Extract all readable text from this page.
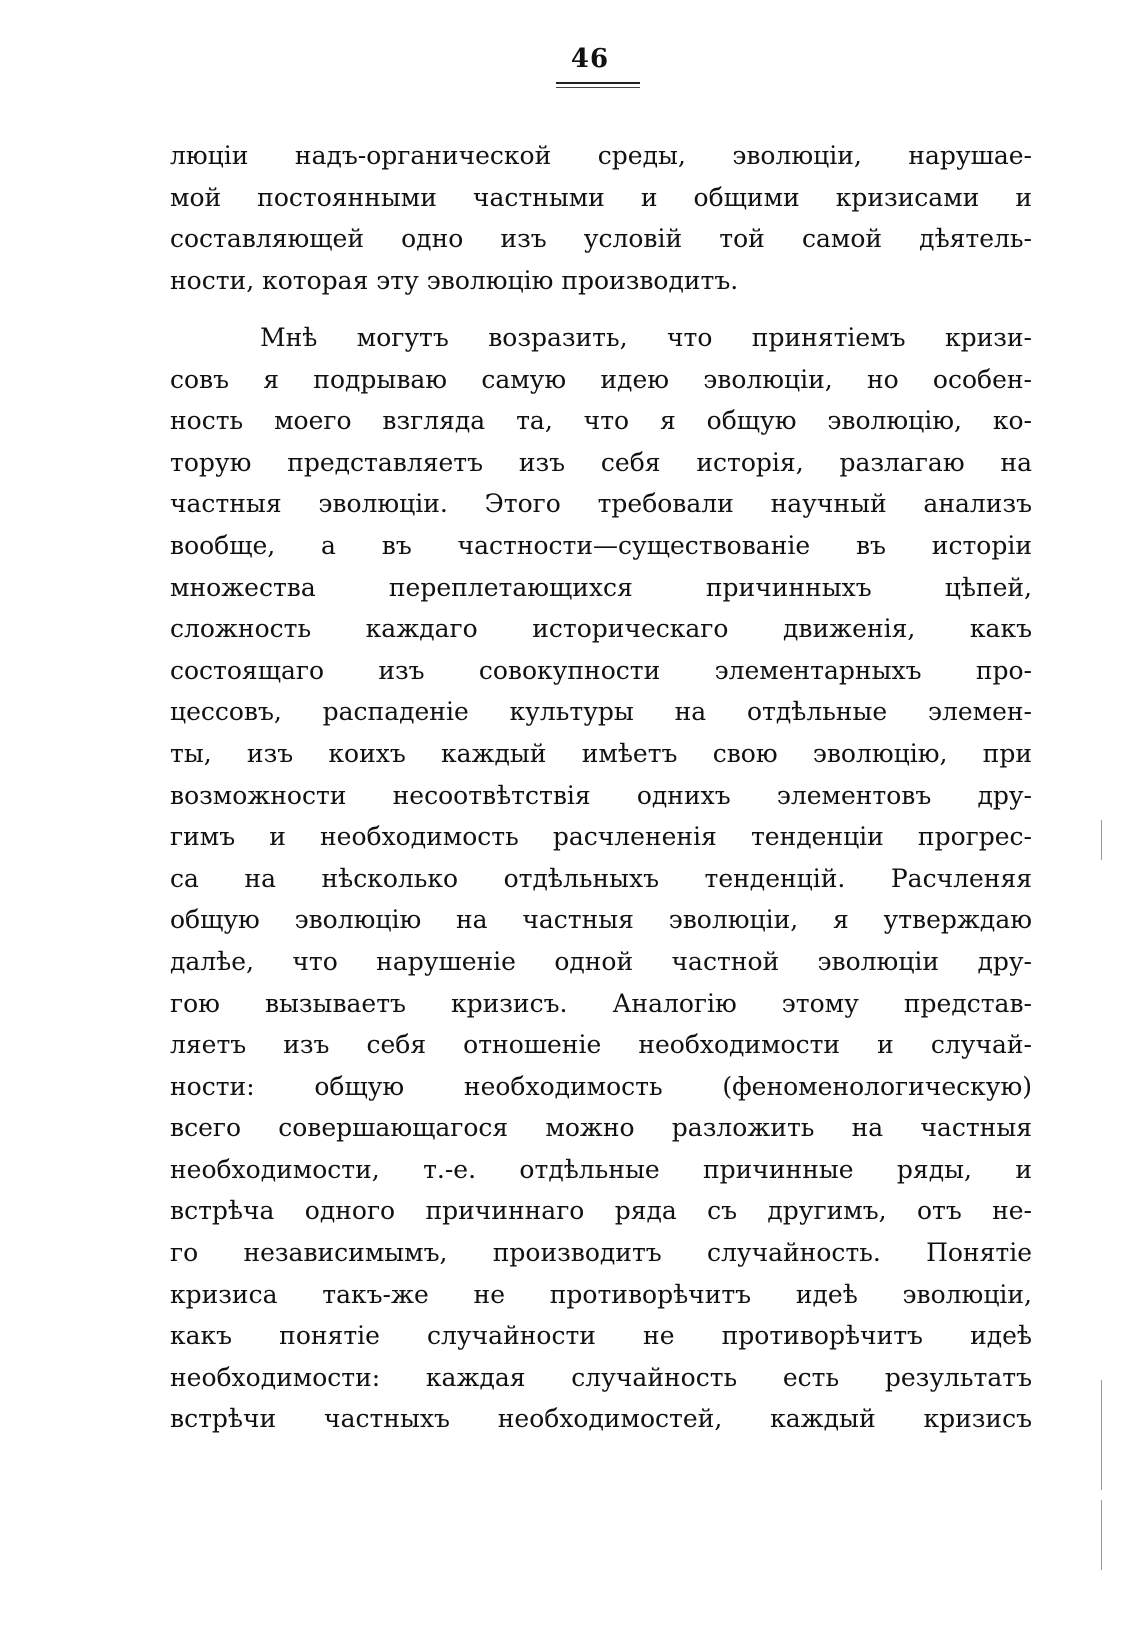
46
люціи надъ-органической среды, эволюціи, нарушае-
мой постоянными частными и общими кризисами и
составляющей одно изъ условій той самой дѣятель-
ности, которая эту эволюцію производитъ.
Мнѣ могутъ возразить, что принятіемъ кризи-
совъ я подрываю самую идею эволюціи, но особен-
ность моего взгляда та, что я общую эволюцію, ко-
торую представляетъ изъ себя исторія, разлагаю на
частныя эволюціи. Этого требовали научный анализъ
вообще, а въ частности—существованіе въ исторіи
множества переплетающихся причинныхъ цѣпей,
сложность каждаго историческаго движенія, какъ
состоящаго изъ совокупности элементарныхъ про-
цессовъ, распаденіе культуры на отдѣльные элемен-
ты, изъ коихъ каждый имѣетъ свою эволюцію, при
возможности несоотвѣтствія однихъ элементовъ дру-
гимъ и необходимость расчлененія тенденціи прогрес-
са на нѣсколько отдѣльныхъ тенденцій. Расчленяя
общую эволюцію на частныя эволюціи, я утверждаю
далѣе, что нарушеніе одной частной эволюціи дру-
гою вызываетъ кризисъ. Аналогію этому представ-
ляетъ изъ себя отношеніе необходимости и случай-
ности: общую необходимость (феноменологическую)
всего совершающагося можно разложить на частныя
необходимости, т.-е. отдѣльные причинные ряды, и
встрѣча одного причиннаго ряда съ другимъ, отъ не-
го независимымъ, производитъ случайность. Понятіе
кризиса такъ-же не противорѣчитъ идеѣ эволюціи,
какъ понятіе случайности не противорѣчитъ идеѣ
необходимости: каждая случайность есть результатъ
встрѣчи частныхъ необходимостей, каждый кризисъ
